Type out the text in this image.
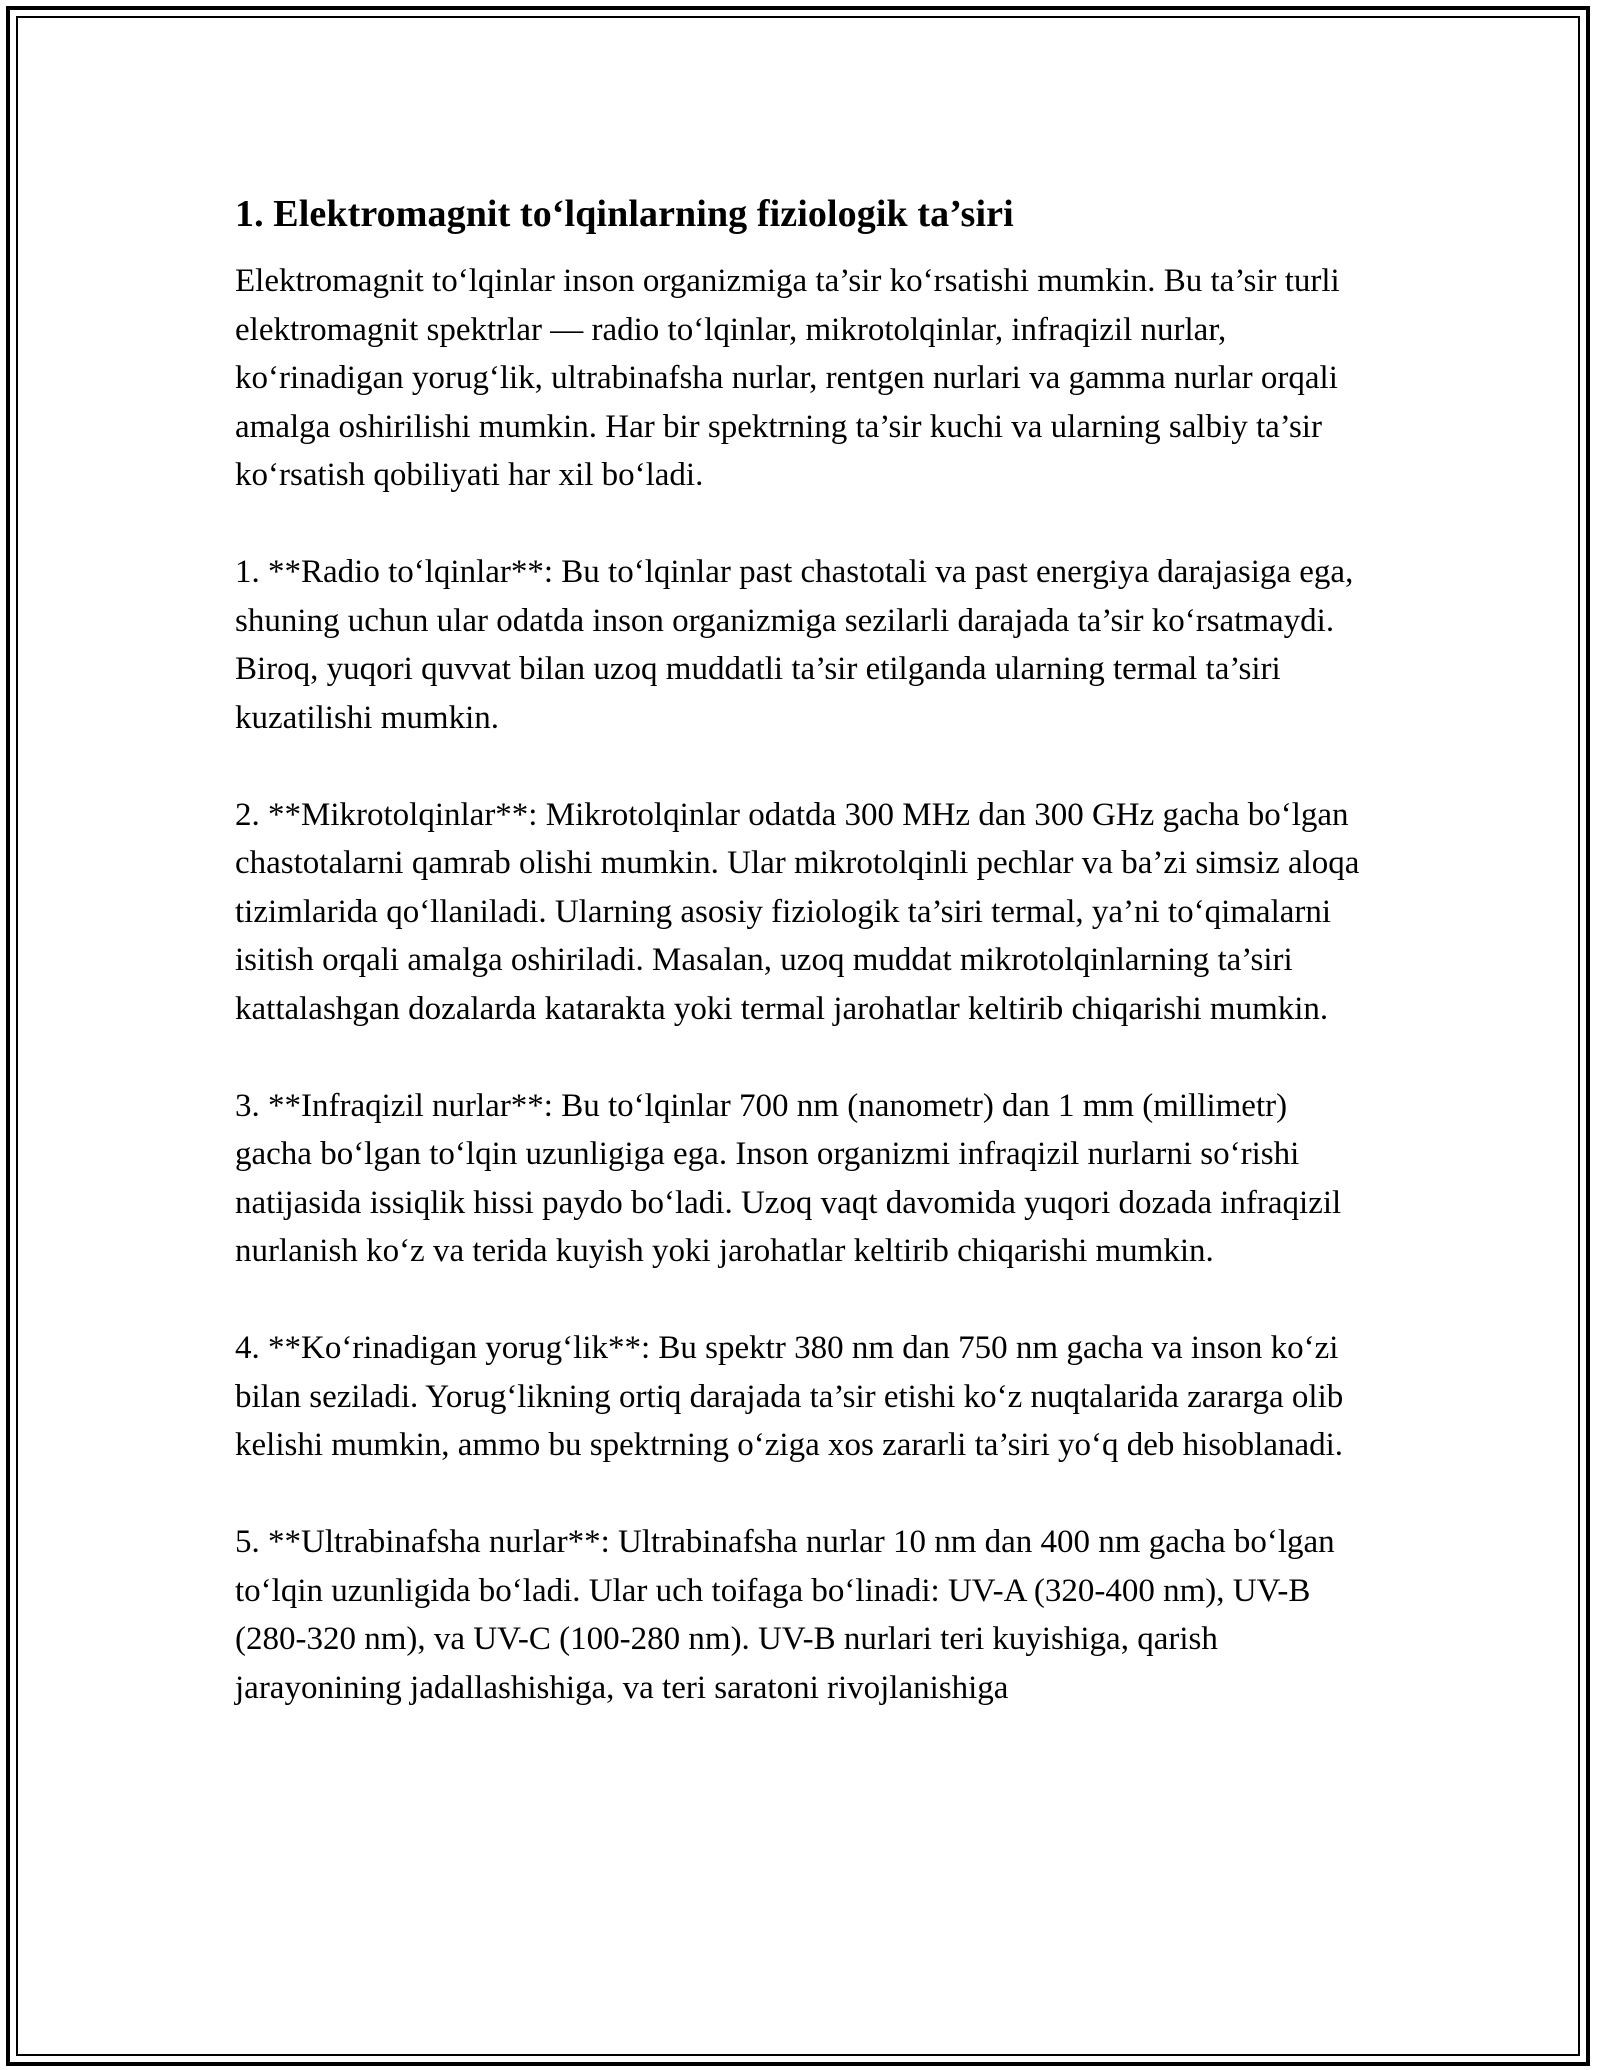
1. Elektromagnit to‘lqinlarning fiziologik ta’siri

Elektromagnit to‘lqinlar inson organizmiga ta’sir ko‘rsatishi mumkin. Bu ta’sir turli elektromagnit spektrlar — radio to‘lqinlar, mikrotolqinlar, infraqizil nurlar, ko‘rinadigan yorug‘lik, ultrabinafsha nurlar, rentgen nurlari va gamma nurlar orqali amalga oshirilishi mumkin. Har bir spektrning ta’sir kuchi va ularning salbiy ta’sir ko‘rsatish qobiliyati har xil bo‘ladi.

1. **Radio to‘lqinlar**: Bu to‘lqinlar past chastotali va past energiya darajasiga ega, shuning uchun ular odatda inson organizmiga sezilarli darajada ta’sir ko‘rsatmaydi. Biroq, yuqori quvvat bilan uzoq muddatli ta’sir etilganda ularning termal ta’siri kuzatilishi mumkin.

2. **Mikrotolqinlar**: Mikrotolqinlar odatda 300 MHz dan 300 GHz gacha bo‘lgan chastotalarni qamrab olishi mumkin. Ular mikrotolqinli pechlar va ba’zi simsiz aloqa tizimlarida qo‘llaniladi. Ularning asosiy fiziologik ta’siri termal, ya’ni to‘qimalarni isitish orqali amalga oshiriladi. Masalan, uzoq muddat mikrotolqinlarning ta’siri kattalashgan dozalarda katarakta yoki termal jarohatlar keltirib chiqarishi mumkin.

3. **Infraqizil nurlar**: Bu to‘lqinlar 700 nm (nanometr) dan 1 mm (millimetr) gacha bo‘lgan to‘lqin uzunligiga ega. Inson organizmi infraqizil nurlarni so‘rishi natijasida issiqlik hissi paydo bo‘ladi. Uzoq vaqt davomida yuqori dozada infraqizil nurlanish ko‘z va terida kuyish yoki jarohatlar keltirib chiqarishi mumkin.

4. **Ko‘rinadigan yorug‘lik**: Bu spektr 380 nm dan 750 nm gacha va inson ko‘zi bilan seziladi. Yorug‘likning ortiq darajada ta’sir etishi ko‘z nuqtalarida zararga olib kelishi mumkin, ammo bu spektrning o‘ziga xos zararli ta’siri yo‘q deb hisoblanadi.

5. **Ultrabinafsha nurlar**: Ultrabinafsha nurlar 10 nm dan 400 nm gacha bo‘lgan to‘lqin uzunligida bo‘ladi. Ular uch toifaga bo‘linadi: UV-A (320-400 nm), UV-B (280-320 nm), va UV-C (100-280 nm). UV-B nurlari teri kuyishiga, qarish jarayonining jadallashishiga, va teri saratoni rivojlanishiga
